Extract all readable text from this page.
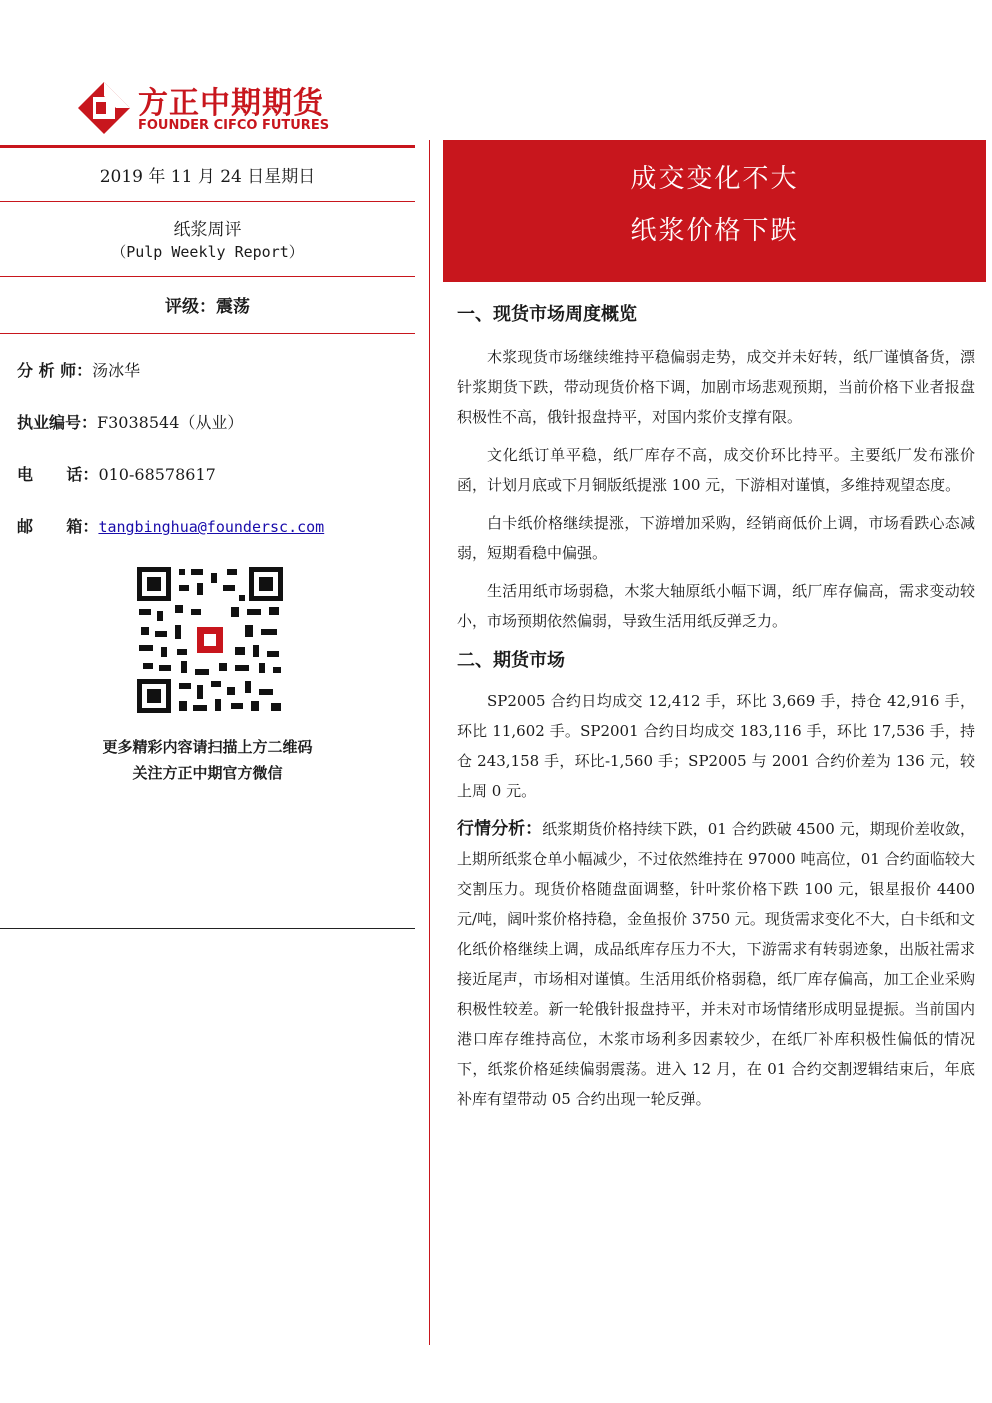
方正中期期货
FOUNDER CIFCO FUTURES
2019 年 11 月 24 日星期日
纸浆周评
（Pulp Weekly Report）
评级：震荡
分 析 师：汤冰华
执业编号：F3038544（从业）
电      话：010-68578617
邮      箱：tangbinghua@foundersc.com
更多精彩内容请扫描上方二维码
关注方正中期官方微信
成交变化不大
纸浆价格下跌
一、现货市场周度概览

木浆现货市场继续维持平稳偏弱走势，成交并未好转，纸厂谨慎备货，漂针浆期货下跌，带动现货价格下调，加剧市场悲观预期，当前价格下业者报盘积极性不高，俄针报盘持平，对国内浆价支撑有限。

文化纸订单平稳，纸厂库存不高，成交价环比持平。主要纸厂发布涨价函，计划月底或下月铜版纸提涨 100 元，下游相对谨慎，多维持观望态度。

白卡纸价格继续提涨，下游增加采购，经销商低价上调，市场看跌心态减弱，短期看稳中偏强。

生活用纸市场弱稳，木浆大轴原纸小幅下调，纸厂库存偏高，需求变动较小，市场预期依然偏弱，导致生活用纸反弹乏力。

二、期货市场

SP2005 合约日均成交 12,412 手，环比 3,669 手，持仓 42,916 手，环比 11,602 手。SP2001 合约日均成交 183,116 手，环比 17,536 手，持仓 243,158 手，环比-1,560 手；SP2005 与 2001 合约价差为 136 元，较上周 0 元。

行情分析：纸浆期货价格持续下跌，01 合约跌破 4500 元，期现价差收敛，上期所纸浆仓单小幅减少，不过依然维持在 97000 吨高位，01 合约面临较大交割压力。现货价格随盘面调整，针叶浆价格下跌 100 元，银星报价 4400 元/吨，阔叶浆价格持稳，金鱼报价 3750 元。现货需求变化不大，白卡纸和文化纸价格继续上调，成品纸库存压力不大，下游需求有转弱迹象，出版社需求接近尾声，市场相对谨慎。生活用纸价格弱稳，纸厂库存偏高，加工企业采购积极性较差。新一轮俄针报盘持平，并未对市场情绪形成明显提振。当前国内港口库存维持高位，木浆市场利多因素较少，在纸厂补库积极性偏低的情况下，纸浆价格延续偏弱震荡。进入 12 月，在 01 合约交割逻辑结束后，年底补库有望带动 05 合约出现一轮反弹。
